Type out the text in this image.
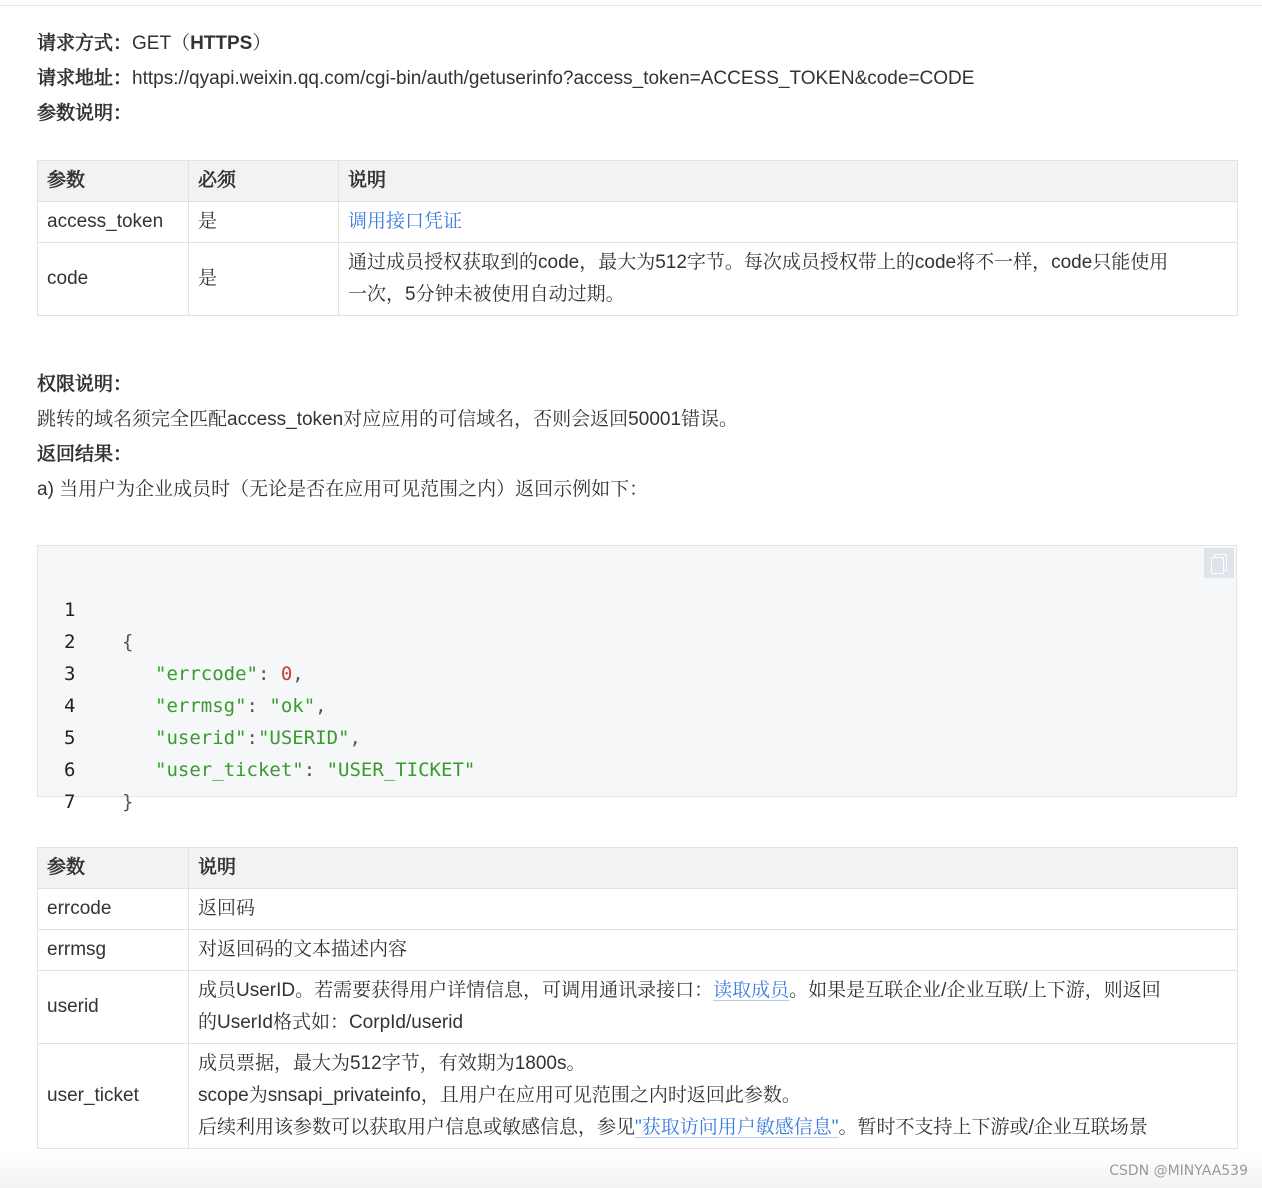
请求方式：GET（HTTPS）
请求地址：https://qyapi.weixin.qq.com/cgi-bin/auth/getuserinfo?access_token=ACCESS_TOKEN&code=CODE
参数说明：
参数	必须	说明
access_token	是	调用接口凭证
code	是	通过成员授权获取到的code，最大为512字节。每次成员授权带上的code将不一样，code只能使用
一次，5分钟未被使用自动过期。
权限说明：
跳转的域名须完全匹配access_token对应应用的可信域名，否则会返回50001错误。
返回结果：
a) 当用户为企业成员时（无论是否在应用可见范围之内）返回示例如下：

1

{

2

"errcode": 0,

3

"errmsg": "ok",

4

"userid":"USERID",

5

"user_ticket": "USER_TICKET"

6

}

7

参数	说明
errcode	返回码
errmsg	对返回码的文本描述内容
userid	成员UserID。若需要获得用户详情信息，可调用通讯录接口：读取成员。如果是互联企业/企业互联/上下游，则返回
的UserId格式如：CorpId/userid

user_ticket	成员票据，最大为512字节，有效期为1800s。
scope为snsapi_privateinfo，且用户在应用可见范围之内时返回此参数。
后续利用该参数可以获取用户信息或敏感信息，参见"获取访问用户敏感信息"。暂时不支持上下游或/企业互联场景
CSDN @MINYAA539
